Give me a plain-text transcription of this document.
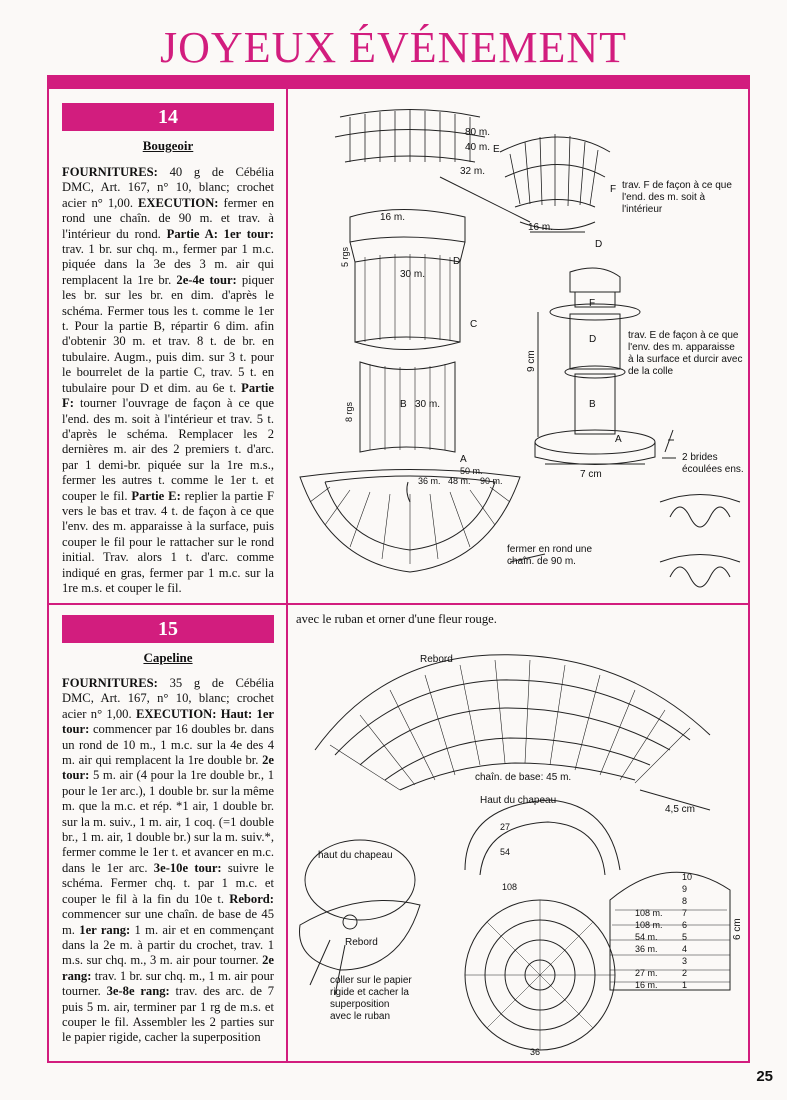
JOYEUX ÉVÉNEMENT
14
Bougeoir
FOURNITURES: 40 g de Cébélia DMC, Art. 167, n° 10, blanc; crochet acier n° 1,00. EXECUTION: fermer en rond une chaîn. de 90 m. et trav. à l'intérieur du rond. Partie A: 1er tour: trav. 1 br. sur chq. m., fermer par 1 m.c. piquée dans la 3e des 3 m. air qui remplacent la 1re br. 2e-4e tour: piquer les br. sur les br. en dim. d'après le schéma. Fermer tous les t. comme le 1er t. Pour la partie B, répartir 6 dim. afin d'obtenir 30 m. et trav. 8 t. de br. en tubulaire. Augm., puis dim. sur 3 t. pour le bourrelet de la partie C, trav. 5 t. en tubulaire pour D et dim. au 6e t. Partie F: tourner l'ouvrage de façon à ce que l'end. des m. soit à l'intérieur et trav. 5 t. d'après le schéma. Remplacer les 2 dernières m. air des 2 premiers t. d'arc. par 1 demi-br. piquée sur la 1re m.s., fermer les autres t. comme le 1er t. et couper le fil. Partie E: replier la partie F vers le bas et trav. 4 t. de façon à ce que l'env. des m. apparaisse à la surface, puis couper le fil pour le rattacher sur le rond initial. Trav. alors 1 t. d'arc. comme indiqué en gras, fermer par 1 m.c. sur la 1re m.s. et couper le fil.
80 m.
40 m. E
32 m.
F
16 m.
16 m.
D
D
30 m.
C
B 30 m.
A
50 m.
36 m. 48 m. 90 m.
F
D
B
A
7 cm
9 cm
5 rgs
8 rgs
trav. F de façon à ce que l'end. des m. soit à l'intérieur
trav. E de façon à ce que l'env. des m. apparaisse à la surface et durcir avec de la colle
2 brides écoulées ens.
fermer en rond une chaîn. de 90 m.
15
Capeline
FOURNITURES: 35 g de Cébélia DMC, Art. 167, n° 10, blanc; crochet acier n° 1,00. EXECUTION: Haut: 1er tour: commencer par 16 doubles br. dans un rond de 10 m., 1 m.c. sur la 4e des 4 m. air qui remplacent la 1re double br. 2e tour: 5 m. air (4 pour la 1re double br., 1 pour le 1er arc.), 1 double br. sur la même m. que la m.c. et rép. *1 air, 1 double br. sur la m. suiv., 1 m. air, 1 coq. (=1 double br., 1 m. air, 1 double br.) sur la m. suiv.*, fermer comme le 1er t. et avancer en m.c. dans le 1er arc. 3e-10e tour: suivre le schéma. Fermer chq. t. par 1 m.c. et couper le fil à la fin du 10e t. Rebord: commencer sur une chaîn. de base de 45 m. 1er rang: 1 m. air et en commençant dans la 2e m. à partir du crochet, trav. 1 m.s. sur chq. m., 3 m. air pour tourner. 2e rang: trav. 1 br. sur chq. m., 1 m. air pour tourner. 3e-8e rang: trav. des arc. de 7 puis 5 m. air, terminer par 1 rg de m.s. et couper le fil. Assembler les 2 parties sur le papier rigide, cacher la superposition
avec le ruban et orner d'une fleur rouge.
Rebord
chaîn. de base: 45 m.
Haut du chapeau
4,5 cm
6 cm
27
54
108
36
haut du chapeau
Rebord
10
9
8
108 m. 7
108 m. 6
54 m.	5
36 m.	4
3
27 m.	2
16 m.	1
coller sur le papier rigide et cacher la superposition avec le ruban
25
